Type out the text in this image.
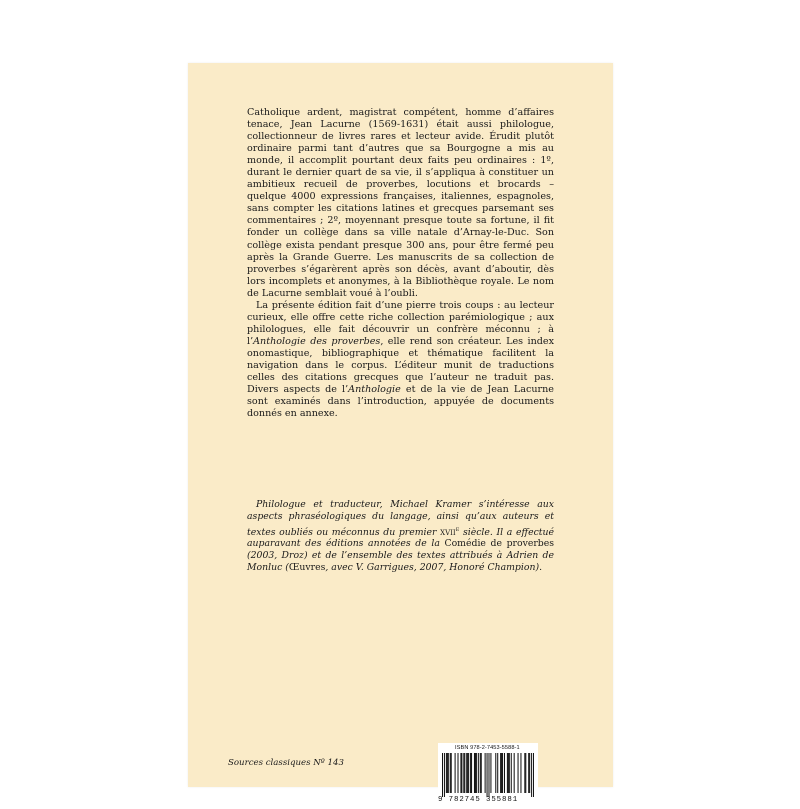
Catholique ardent, magistrat compétent, homme d’affaires tenace, Jean Lacurne (1569-1631) était aussi philologue, collectionneur de livres rares et lecteur avide. Érudit plutôt ordinaire parmi tant d’autres que sa Bourgogne a mis au monde, il accomplit pourtant deux faits peu ordinaires : 1º, durant le dernier quart de sa vie, il s’appliqua à constituer un ambitieux recueil de proverbes, locutions et brocards – quelque 4000 expressions françaises, italiennes, espagnoles, sans compter les citations latines et grecques parsemant ses commentaires ; 2º, moyennant presque toute sa fortune, il fit fonder un collège dans sa ville natale d’Arnay-le-Duc. Son collège exista pendant presque 300 ans, pour être fermé peu après la Grande Guerre. Les manuscrits de sa collection de proverbes s’égarèrent après son décès, avant d’aboutir, dès lors incomplets et anonymes, à la Bibliothèque royale. Le nom de Lacurne semblait voué à l’oubli.

La présente édition fait d’une pierre trois coups : au lecteur curieux, elle offre cette riche collection parémiologique ; aux philologues, elle fait découvrir un confrère méconnu ; à l’Anthologie des proverbes, elle rend son créateur. Les index onomastique, bibliographique et thématique facilitent la navigation dans le corpus. L’éditeur munit de traductions celles des citations grecques que l’auteur ne traduit pas. Divers aspects de l’Anthologie et de la vie de Jean Lacurne sont examinés dans l’introduction, appuyée de documents donnés en annexe.

Philologue et traducteur, Michael Kramer s’intéresse aux aspects phraséologiques du langage, ainsi qu’aux auteurs et textes oubliés ou méconnus du premier xvii$^e$ siècle. Il a effectué auparavant des éditions annotées de la Comédie de proverbes (2003, Droz) et de l’ensemble des textes attribués à Adrien de Monluc (Œuvres, avec V. Garrigues, 2007, Honoré Champion).

Sources classiques Nº 143
ISBN 978-2-7453-5588-1
9 782745 355881
